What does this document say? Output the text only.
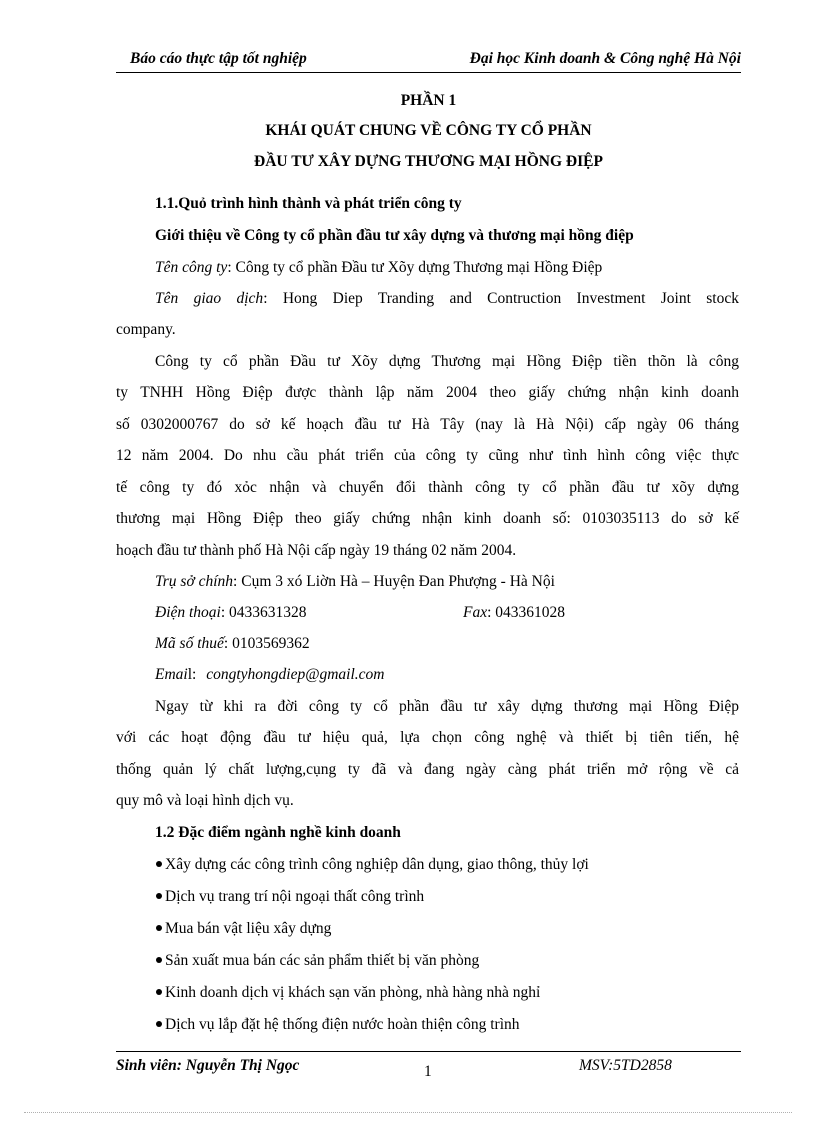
Báo cáo thực tập tốt nghiệp	Đại học Kinh doanh & Công nghệ Hà Nội
PHẦN 1
KHÁI QUÁT CHUNG VỀ CÔNG TY CỔ PHẦN
ĐẦU TƯ XÂY DỰNG THƯƠNG MẠI HỒNG ĐIỆP
1.1.Quỏ trình hình thành và phát triển công ty
Giới thiệu về Công ty cổ phần đầu tư xây dựng và thương mại hồng điệp
Tên công ty: Công ty cổ phần Đầu tư Xõy dựng Thương mại Hồng Điệp
Tên giao dịch: Hong Diep Tranding and Contruction Investment Joint stock
company.
Công ty cổ phần Đầu tư Xõy dựng Thương mại Hồng Điệp tiền thõn là công
ty TNHH Hồng Điệp được thành lập năm 2004 theo giấy chứng nhận kinh doanh
số 0302000767 do sở kế hoạch đầu tư Hà Tây (nay là Hà Nội) cấp ngày 06 tháng
12 năm 2004. Do nhu cầu phát triển của công ty cũng như tình hình công việc thực
tế công ty đó xỏc nhận và chuyển đổi thành công ty cổ phần đầu tư xõy dựng
thương mại Hồng Điệp theo giấy chứng nhận kinh doanh số: 0103035113 do sở kế
hoạch đầu tư thành phố Hà Nội cấp ngày 19 tháng 02 năm 2004.
Trụ sở chính: Cụm 3 xó Liờn Hà – Huyện Đan Phượng - Hà Nội
Điện thoại: 0433631328	Fax: 043361028
Mã số thuế: 0103569362
Email: congtyhongdiep@gmail.com
Ngay từ khi ra đời công ty cổ phần đầu tư xây dựng thương mại Hồng Điệp
với các hoạt động đầu tư hiệu quả, lựa chọn công nghệ và thiết bị tiên tiến, hệ
thống quản lý chất lượng,cụng ty đã và đang ngày càng phát triển mở rộng về cả
quy mô và loại hình dịch vụ.
1.2 Đặc điểm ngành nghề kinh doanh
Xây dựng các công trình công nghiệp dân dụng, giao thông, thủy lợi
Dịch vụ trang trí nội ngoại thất công trình
Mua bán vật liệu xây dựng
Sản xuất mua bán các sản phẩm thiết bị văn phòng
Kinh doanh dịch vị khách sạn văn phòng, nhà hàng nhà nghỉ
Dịch vụ lắp đặt hệ thống điện nước hoàn thiện công trình
Sinh viên: Nguyễn Thị Ngọc	1	MSV:5TD2858
